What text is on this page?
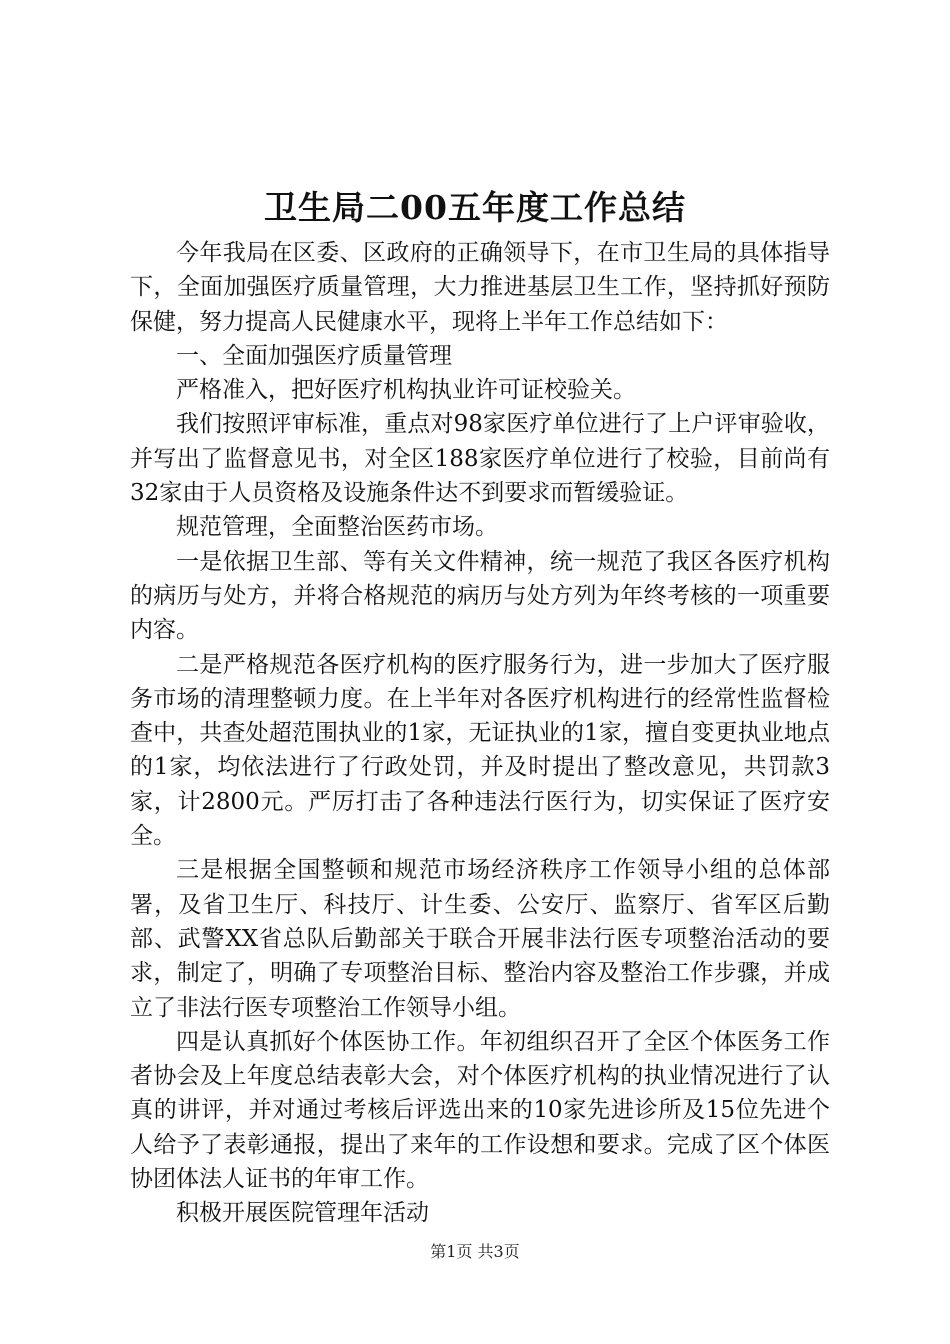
卫生局二00五年度工作总结

今年我局在区委、区政府的正确领导下，在市卫生局的具体指导下，全面加强医疗质量管理，大力推进基层卫生工作，坚持抓好预防保健，努力提高人民健康水平，现将上半年工作总结如下：

一、全面加强医疗质量管理

严格准入，把好医疗机构执业许可证校验关。

我们按照评审标准，重点对98家医疗单位进行了上户评审验收，并写出了监督意见书，对全区188家医疗单位进行了校验，目前尚有32家由于人员资格及设施条件达不到要求而暂缓验证。

规范管理，全面整治医药市场。

一是依据卫生部、等有关文件精神，统一规范了我区各医疗机构的病历与处方，并将合格规范的病历与处方列为年终考核的一项重要内容。

二是严格规范各医疗机构的医疗服务行为，进一步加大了医疗服务市场的清理整顿力度。在上半年对各医疗机构进行的经常性监督检查中，共查处超范围执业的1家，无证执业的1家，擅自变更执业地点的1家，均依法进行了行政处罚，并及时提出了整改意见，共罚款3家，计2800元。严厉打击了各种违法行医行为，切实保证了医疗安全。

三是根据全国整顿和规范市场经济秩序工作领导小组的总体部署，及省卫生厅、科技厅、计生委、公安厅、监察厅、省军区后勤部、武警XX省总队后勤部关于联合开展非法行医专项整治活动的要求，制定了，明确了专项整治目标、整治内容及整治工作步骤，并成立了非法行医专项整治工作领导小组。

四是认真抓好个体医协工作。年初组织召开了全区个体医务工作者协会及上年度总结表彰大会，对个体医疗机构的执业情况进行了认真的讲评，并对通过考核后评选出来的10家先进诊所及15位先进个人给予了表彰通报，提出了来年的工作设想和要求。完成了区个体医协团体法人证书的年审工作。

积极开展医院管理年活动

第1页 共3页
